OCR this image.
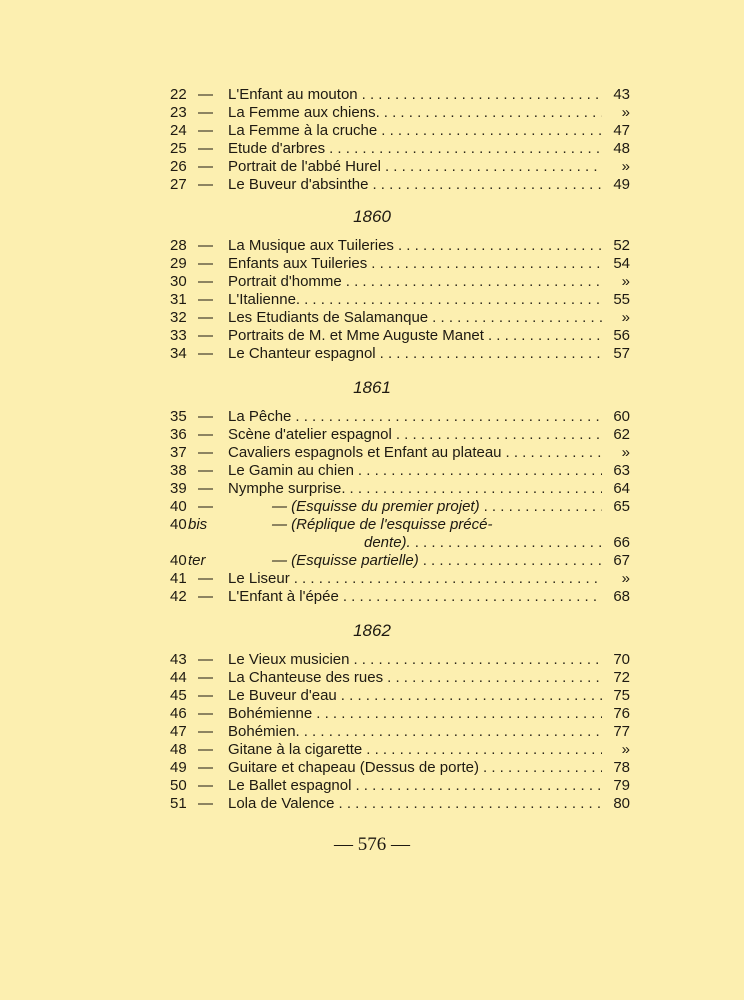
22 —	L'Enfant au mouton . . .	43
23 —	La Femme aux chiens. . . .	»
24 —	La Femme à la cruche . . .	47
25 —	Etude d'arbres . . .	48
26 —	Portrait de l'abbé Hurel . . .	»
27 —	Le Buveur d'absinthe . . .	49
1860
28 —	La Musique aux Tuileries . . .	52
29 —	Enfants aux Tuileries . . .	54
30 —	Portrait d'homme . . .	»
31 —	L'Italienne. . . .	55
32 —	Les Etudiants de Salamanque . . .	»
33 —	Portraits de M. et Mme Auguste Manet . . .	56
34 —	Le Chanteur espagnol . . .	57
1861
35 —	La Pêche . . .	60
36 —	Scène d'atelier espagnol . . .	62
37 —	Cavaliers espagnols et Enfant au plateau . . .	»
38 —	Le Gamin au chien . . .	63
39 —	Nymphe surprise. . . .	64
40 —	— (Esquisse du premier projet) . . .	65
40 bis	— (Réplique de l'esquisse précé-
dente). . . .	66
40 ter	— (Esquisse partielle) . . .	67
41 —	Le Liseur . . .	»
42 —	L'Enfant à l'épée . . .	68
1862
43 —	Le Vieux musicien . . .	70
44 —	La Chanteuse des rues . . .	72
45 —	Le Buveur d'eau . . .	75
46 —	Bohémienne . . .	76
47 —	Bohémien. . . .	77
48 —	Gitane à la cigarette . . .	»
49 —	Guitare et chapeau (Dessus de porte) . . .	78
50 —	Le Ballet espagnol . . .	79
51 —	Lola de Valence . . .	80
— 576 —
